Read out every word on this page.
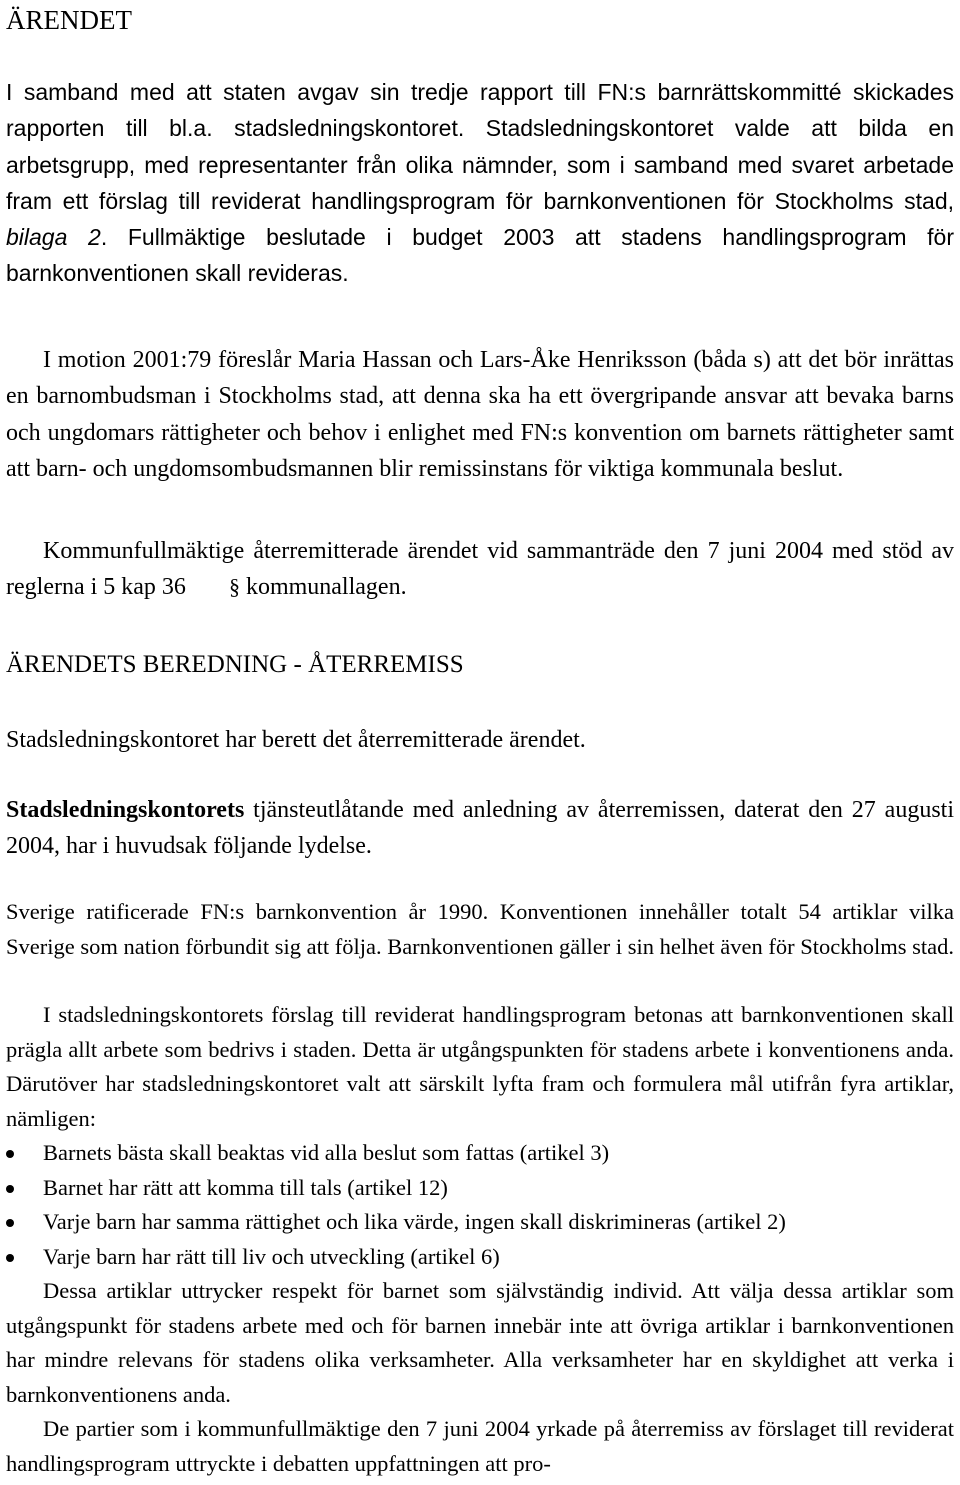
ÄRENDET

I samband med att staten avgav sin tredje rapport till FN:s barnrättskommitté skickades rapporten till bl.a. stadsledningskontoret. Stadsledningskontoret valde att bilda en arbetsgrupp, med representanter från olika nämnder, som i samband med svaret arbetade fram ett förslag till reviderat handlingsprogram för barnkonventionen för Stockholms stad, bilaga 2. Fullmäktige beslutade i budget 2003 att stadens handlingsprogram för barnkonventionen skall revideras.

I motion 2001:79 föreslår Maria Hassan och Lars-Åke Henriksson (båda s) att det bör inrättas en barnombudsman i Stockholms stad, att denna ska ha ett övergripande ansvar att bevaka barns och ungdomars rättigheter och behov i enlighet med FN:s konvention om barnets rättigheter samt att barn- och ungdomsombudsmannen blir remissinstans för viktiga kommunala beslut.

Kommunfullmäktige återremitterade ärendet vid sammanträde den 7 juni 2004 med stöd av reglerna i 5 kap 36 § kommunallagen.

ÄRENDETS BEREDNING - ÅTERREMISS

Stadsledningskontoret har berett det återremitterade ärendet.

Stadsledningskontorets tjänsteutlåtande med anledning av återremissen, daterat den 27 augusti 2004, har i huvudsak följande lydelse.

Sverige ratificerade FN:s barnkonvention år 1990. Konventionen innehåller totalt 54 artiklar vilka Sverige som nation förbundit sig att följa. Barnkonventionen gäller i sin helhet även för Stockholms stad.

I stadsledningskontorets förslag till reviderat handlingsprogram betonas att barnkonventionen skall prägla allt arbete som bedrivs i staden. Detta är utgångspunkten för stadens arbete i konventionens anda. Därutöver har stadsledningskontoret valt att särskilt lyfta fram och formulera mål utifrån fyra artiklar, nämligen:

Barnets bästa skall beaktas vid alla beslut som fattas (artikel 3)
Barnet har rätt att komma till tals (artikel 12)
Varje barn har samma rättighet och lika värde, ingen skall diskrimineras (artikel 2)
Varje barn har rätt till liv och utveckling (artikel 6)

Dessa artiklar uttrycker respekt för barnet som självständig individ. Att välja dessa artiklar som utgångspunkt för stadens arbete med och för barnen innebär inte att övriga artiklar i barnkonventionen har mindre relevans för stadens olika verksamheter. Alla verksamheter har en skyldighet att verka i barnkonventionens anda.

De partier som i kommunfullmäktige den 7 juni 2004 yrkade på återremiss av förslaget till reviderat handlingsprogram uttryckte i debatten uppfattningen att pro-
